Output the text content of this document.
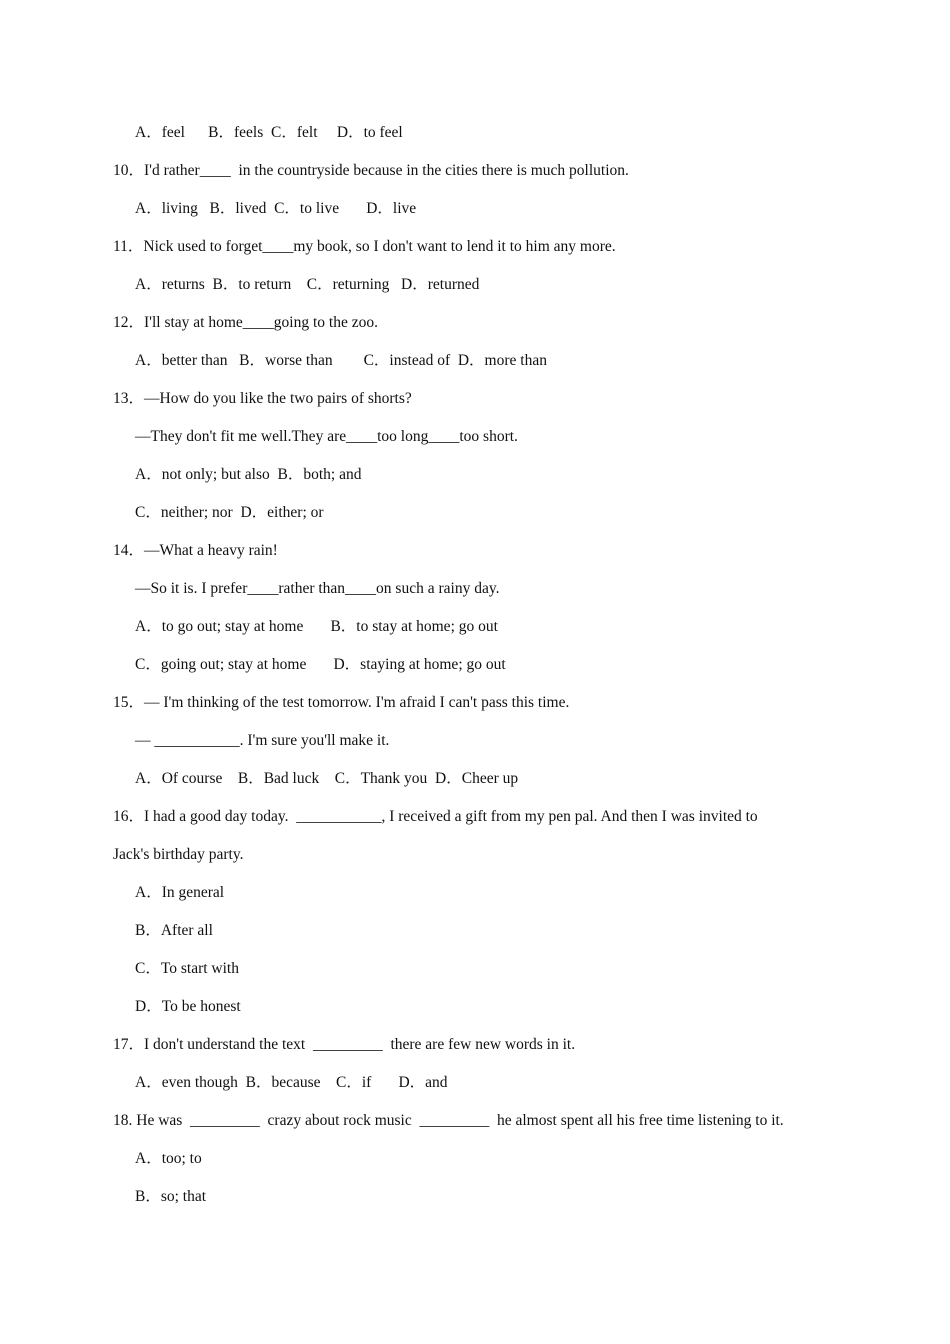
A．feel      B．feels  C．felt     D．to feel
10．I'd rather____  in the countryside because in the cities there is much pollution.
A．living   B．lived  C．to live       D．live
11．Nick used to forget____my book, so I don't want to lend it to him any more.
A．returns  B．to return    C．returning   D．returned
12．I'll stay at home____going to the zoo.
A．better than   B．worse than        C．instead of  D．more than
13．—How do you like the two pairs of shorts?
—They don't fit me well.They are____too long____too short.
A．not only; but also  B．both; and
C．neither; nor  D．either; or
14．—What a heavy rain!
—So it is. I prefer____rather than____on such a rainy day.
A．to go out; stay at home       B．to stay at home; go out
C．going out; stay at home       D．staying at home; go out
15．— I'm thinking of the test tomorrow. I'm afraid I can't pass this time.
— ___________. I'm sure you'll make it.
A．Of course    B．Bad luck    C．Thank you  D．Cheer up
16．I had a good day today.  ___________, I received a gift from my pen pal. And then I was invited to
Jack's birthday party.
A．In general
B．After all
C．To start with
D．To be honest
17．I don't understand the text  _________  there are few new words in it.
A．even though  B．because    C．if       D．and
18. He was  _________  crazy about rock music  _________  he almost spent all his free time listening to it.
A．too; to
B．so; that
